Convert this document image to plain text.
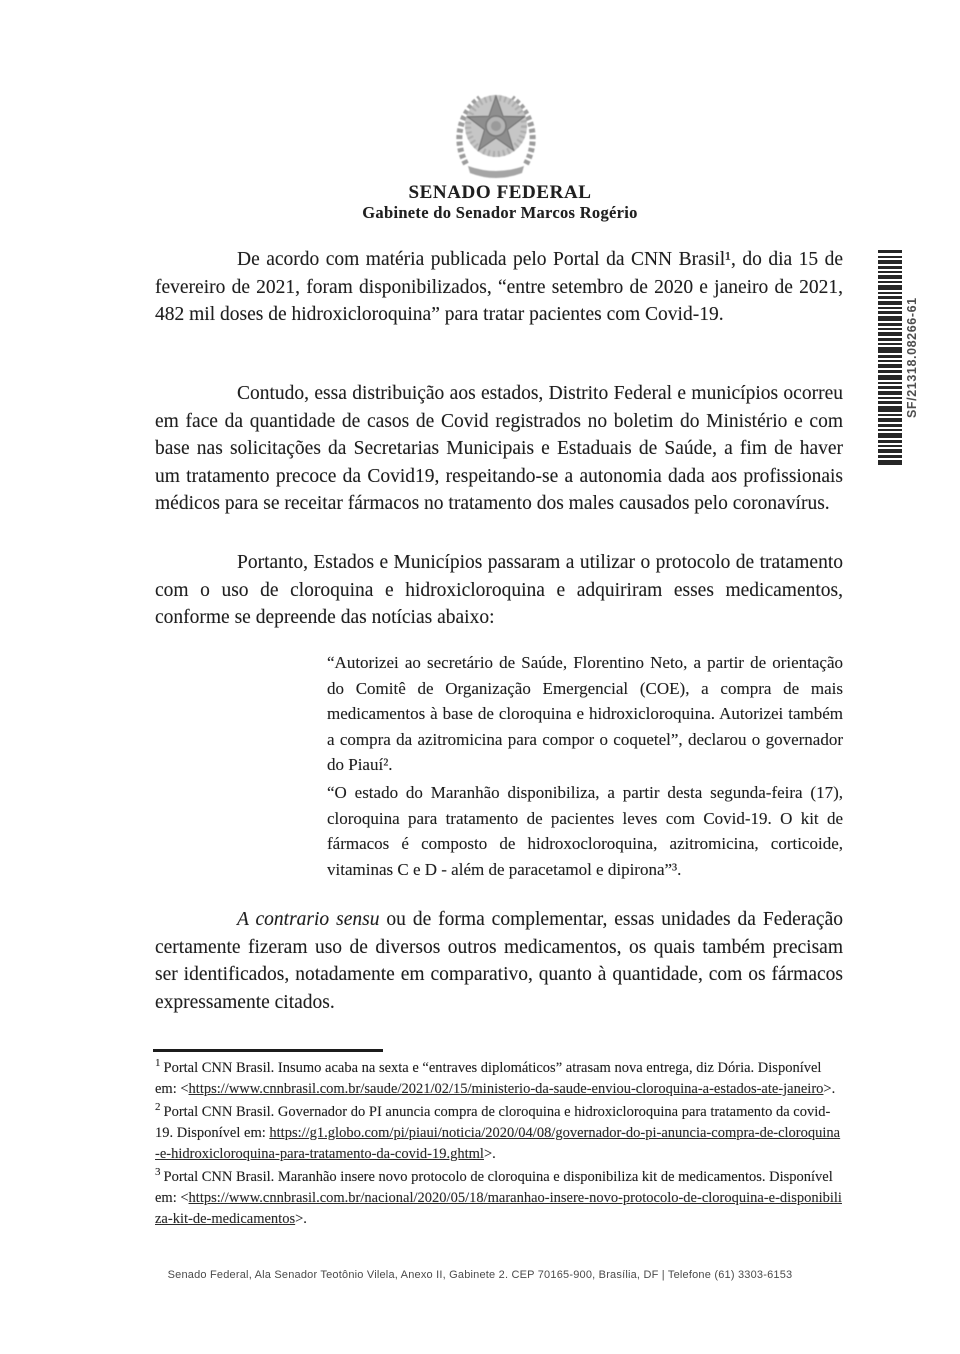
SENADO FEDERAL
Gabinete do Senador Marcos Rogério

De acordo com matéria publicada pelo Portal da CNN Brasil¹, do dia 15 de fevereiro de 2021, foram disponibilizados, “entre setembro de 2020 e janeiro de 2021, 482 mil doses de hidroxicloroquina” para tratar pacientes com Covid-19.

Contudo, essa distribuição aos estados, Distrito Federal e municípios ocorreu em face da quantidade de casos de Covid registrados no boletim do Ministério e com base nas solicitações da Secretarias Municipais e Estaduais de Saúde, a fim de haver um tratamento precoce da Covid19, respeitando-se a autonomia dada aos profissionais médicos para se receitar fármacos no tratamento dos males causados pelo coronavírus.

Portanto, Estados e Municípios passaram a utilizar o protocolo de tratamento com o uso de cloroquina e hidroxicloroquina e adquiriram esses medicamentos, conforme se depreende das notícias abaixo:

“Autorizei ao secretário de Saúde, Florentino Neto, a partir de orientação do Comitê de Organização Emergencial (COE), a compra de mais medicamentos à base de cloroquina e hidroxicloroquina. Autorizei também a compra da azitromicina para compor o coquetel”, declarou o governador do Piauí².

“O estado do Maranhão disponibiliza, a partir desta segunda-feira (17), cloroquina para tratamento de pacientes leves com Covid-19. O kit de fármacos é composto de hidroxocloroquina, azitromicina, corticoide, vitaminas C e D - além de paracetamol e dipirona”³.

A contrario sensu ou de forma complementar, essas unidades da Federação certamente fizeram uso de diversos outros medicamentos, os quais também precisam ser identificados, notadamente em comparativo, quanto à quantidade, com os fármacos expressamente citados.

$^1$ Portal CNN Brasil. Insumo acaba na sexta e “entraves diplomáticos” atrasam nova entrega, diz Dória. Disponível em: <https://www.cnnbrasil.com.br/saude/2021/02/15/ministerio-da-saude-enviou-cloroquina-a-estados-ate-janeiro>.
$^2$ Portal CNN Brasil. Governador do PI anuncia compra de cloroquina e hidroxicloroquina para tratamento da covid-19. Disponível em: https://g1.globo.com/pi/piaui/noticia/2020/04/08/governador-do-pi-anuncia-compra-de-cloroquina-e-hidroxicloroquina-para-tratamento-da-covid-19.ghtml>.
$^3$ Portal CNN Brasil. Maranhão insere novo protocolo de cloroquina e disponibiliza kit de medicamentos. Disponível em: <https://www.cnnbrasil.com.br/nacional/2020/05/18/maranhao-insere-novo-protocolo-de-cloroquina-e-disponibiliza-kit-de-medicamentos>.
Senado Federal, Ala Senador Teotônio Vilela, Anexo II, Gabinete 2. CEP 70165-900, Brasília, DF | Telefone (61) 3303-6153
SF/21318.08266-61
